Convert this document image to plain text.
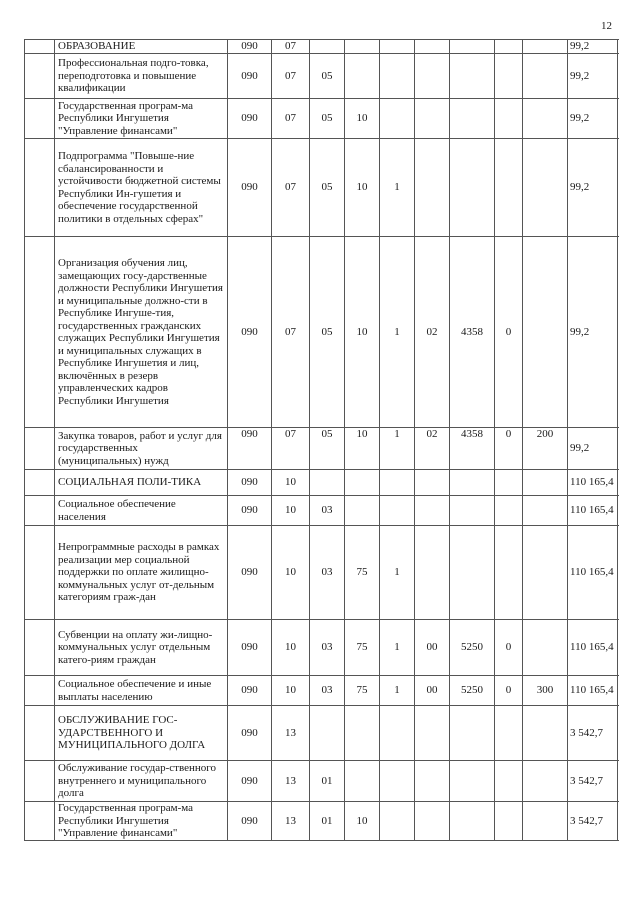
12
	ОБРАЗОВАНИЕ	090	07								99,2
	Профессиональная подго-товка, переподготовка и повышение квалификации	090	07	05							99,2
	Государственная програм-ма Республики Ингушетия "Управление финансами"	090	07	05	10						99,2
	Подпрограмма "Повыше-ние сбалансированности и устойчивости бюджетной системы Республики Ин-гушетия и обеспечение государственной политики в отдельных сферах"	090	07	05	10	1					99,2
	Организация обучения лиц, замещающих госу-дарственные должности Республики Ингушетия и муниципальные должно-сти в Республике Ингуше-тия, государственных гражданских служащих Республики Ингушетия и муниципальных служащих в Республике Ингушетия и лиц, включённых в резерв управленческих кадров Республики Ингушетия	090	07	05	10	1	02	4358	0		99,2
	Закупка товаров, работ и услуг для государственных (муниципальных) нужд	090	07	05	10	1	02	4358	0	200	99,2
	СОЦИАЛЬНАЯ ПОЛИ-ТИКА	090	10								110 165,4
	Социальное обеспечение населения	090	10	03							110 165,4
	Непрограммные расходы в рамках реализации мер социальной поддержки по оплате жилищно-коммунальных услуг от-дельным категориям граж-дан	090	10	03	75	1					110 165,4
	Субвенции на оплату жи-лищно-коммунальных услуг отдельным катего-риям граждан	090	10	03	75	1	00	5250	0		110 165,4
	Социальное обеспечение и иные выплаты населению	090	10	03	75	1	00	5250	0	300	110 165,4
	ОБСЛУЖИВАНИЕ ГОС-УДАРСТВЕННОГО И МУНИЦИПАЛЬНОГО ДОЛГА	090	13								3 542,7
	Обслуживание государ-ственного внутреннего и муниципального долга	090	13	01							3 542,7
	Государственная програм-ма Республики Ингушетия "Управление финансами"	090	13	01	10						3 542,7
